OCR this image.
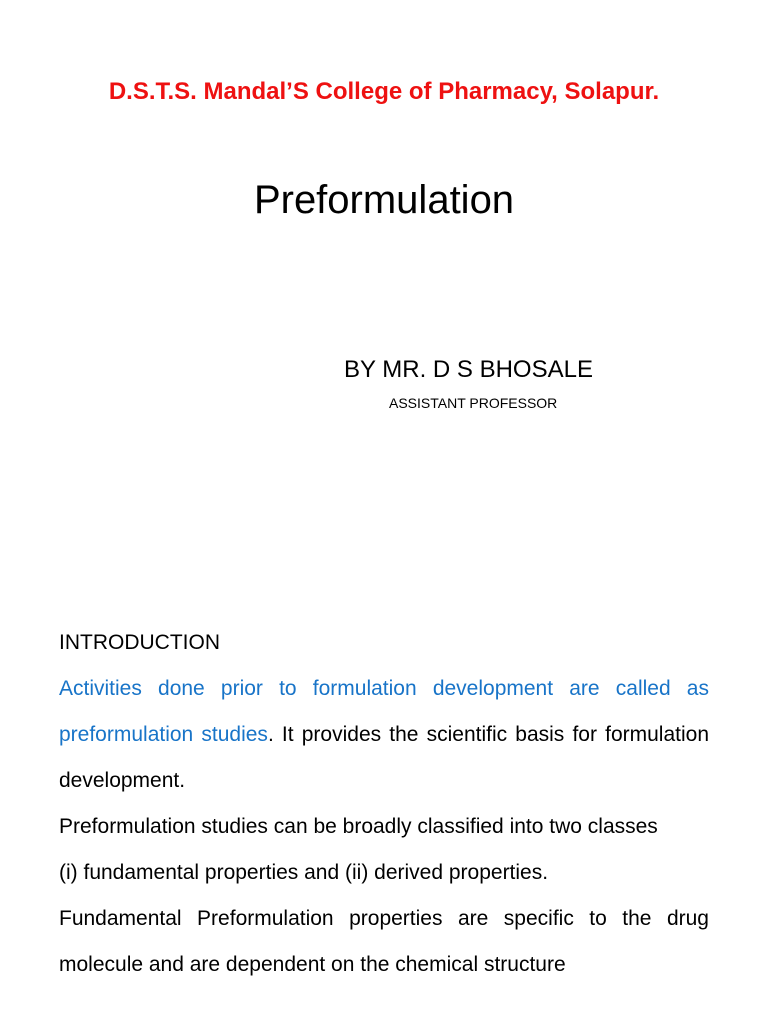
D.S.T.S. Mandal’S College of Pharmacy, Solapur.
Preformulation
BY MR. D S BHOSALE
ASSISTANT PROFESSOR

INTRODUCTION

Activities done prior to formulation development are called as preformulation studies. It provides the scientific basis for formulation development.

Preformulation studies can be broadly classified into two classes

(i) fundamental properties and (ii) derived properties.

Fundamental Preformulation properties are specific to the drug molecule and are dependent on the chemical structure
